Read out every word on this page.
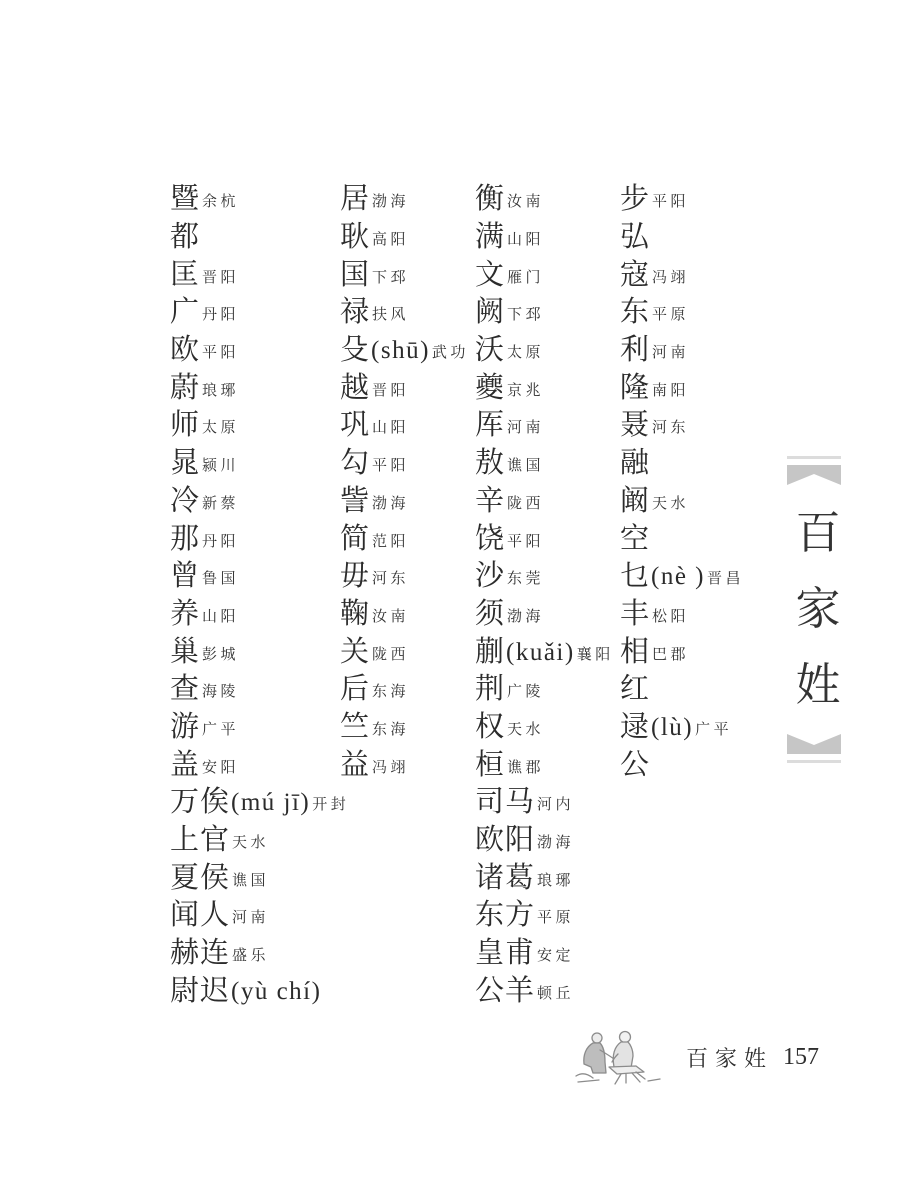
暨 余杭
都
匡 晋阳
广 丹阳
欧 平阳
蔚 琅琊
师 太原
晁 颍川
冷 新蔡
那 丹阳
曾 鲁国
养 山阳
巢 彭城
查 海陵
游 广平
盖 安阳
万俟 (mú jī) 开封
上官 天水
夏侯 谯国
闻人 河南
赫连 盛乐
尉迟 (yù chí)
居 渤海
耿 高阳
国 下邳
禄 扶风
殳 (shū) 武功
越 晋阳
巩 山阳
勾 平阳
訾 渤海
简 范阳
毋 河东
鞠 汝南
关 陇西
后 东海
竺 东海
益 冯翊
衡 汝南
满 山阳
文 雁门
阙 下邳
沃 太原
夔 京兆
厍 河南
敖 谯国
辛 陇西
饶 平阳
沙 东莞
须 渤海
蒯 (kuǎi) 襄阳
荆 广陵
权 天水
桓 谯郡
司马 河内
欧阳 渤海
诸葛 琅琊
东方 平原
皇甫 安定
公羊 顿丘
步 平阳
弘
寇 冯翊
东 平原
利 河南
隆 南阳
聂 河东
融
阚 天水
空
乜 (nè ) 晋昌
丰 松阳
相 巴郡
红
逯 (lù) 广平
公
百
家
姓
百家姓 157
